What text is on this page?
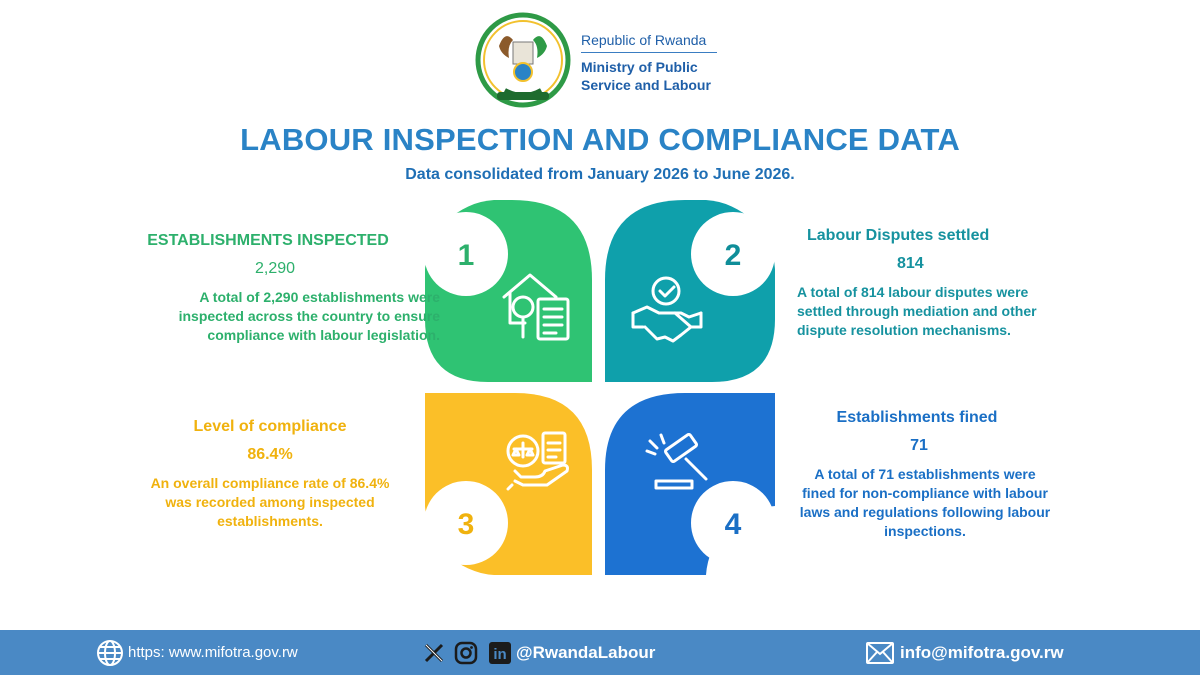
Republic of Rwanda
Ministry of Public Service and Labour
LABOUR INSPECTION AND COMPLIANCE DATA
Data consolidated from January 2026 to June 2026.
1	2
3	4
ESTABLISHMENTS INSPECTED
2,290
A total of 2,290 establishments were
inspected across the country to ensure
compliance with labour legislation.
Labour Disputes settled
814
A total of 814 labour disputes were
settled through mediation and other
dispute resolution mechanisms.
Level of compliance
86.4%
An overall compliance rate of 86.4%
was recorded among inspected
establishments.
Establishments fined
71
A total of 71 establishments were
fined for non-compliance with labour
laws and regulations following labour
inspections.
https: www.mifotra.gov.rw	in @RwandaLabour	info@mifotra.gov.rw
